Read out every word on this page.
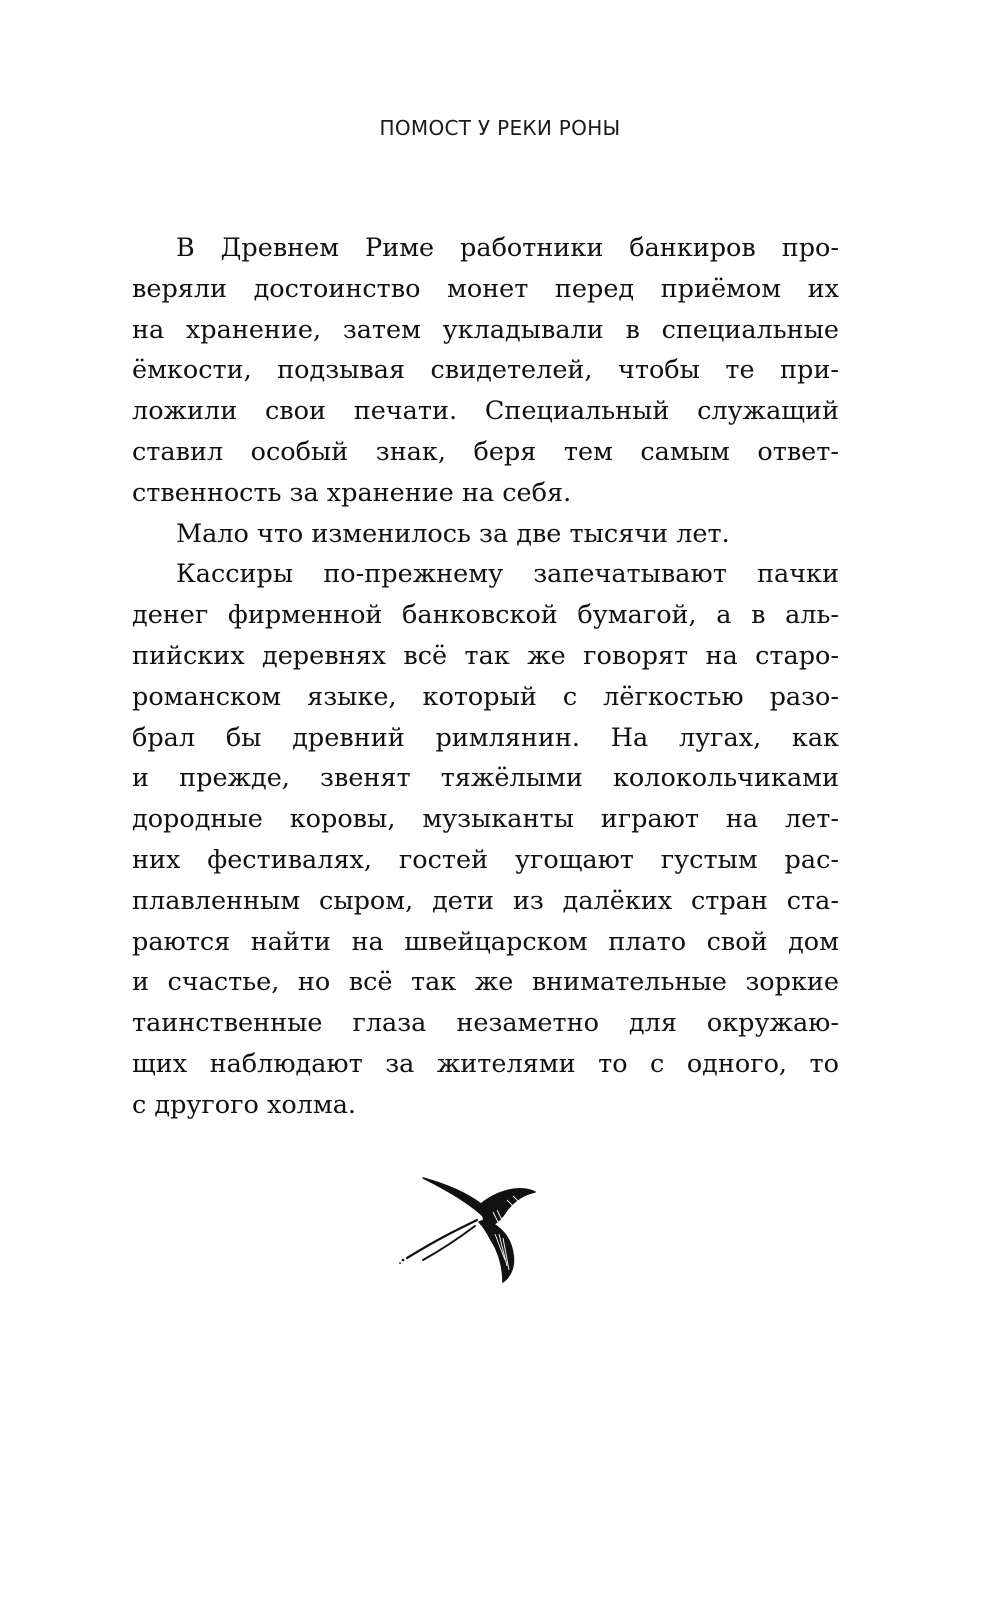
ПОМОСТ У РЕКИ РОНЫ

В Древнем Риме работники банкиров про-
веряли достоинство монет перед приёмом их
на хранение, затем укладывали в специальные
ёмкости, подзывая свидетелей, чтобы те при-
ложили свои печати. Специальный служащий
ставил особый знак, беря тем самым ответ-
ственность за хранение на себя.

Мало что изменилось за две тысячи лет.

Кассиры по-прежнему запечатывают пачки
денег фирменной банковской бумагой, а в аль-
пийских деревнях всё так же говорят на старо-
романском языке, который с лёгкостью разо-
брал бы древний римлянин. На лугах, как
и прежде, звенят тяжёлыми колокольчиками
дородные коровы, музыканты играют на лет-
них фестивалях, гостей угощают густым рас-
плавленным сыром, дети из далёких стран ста-
раются найти на швейцарском плато свой дом
и счастье, но всё так же внимательные зоркие
таинственные глаза незаметно для окружаю-
щих наблюдают за жителями то с одного, то
с другого холма.
